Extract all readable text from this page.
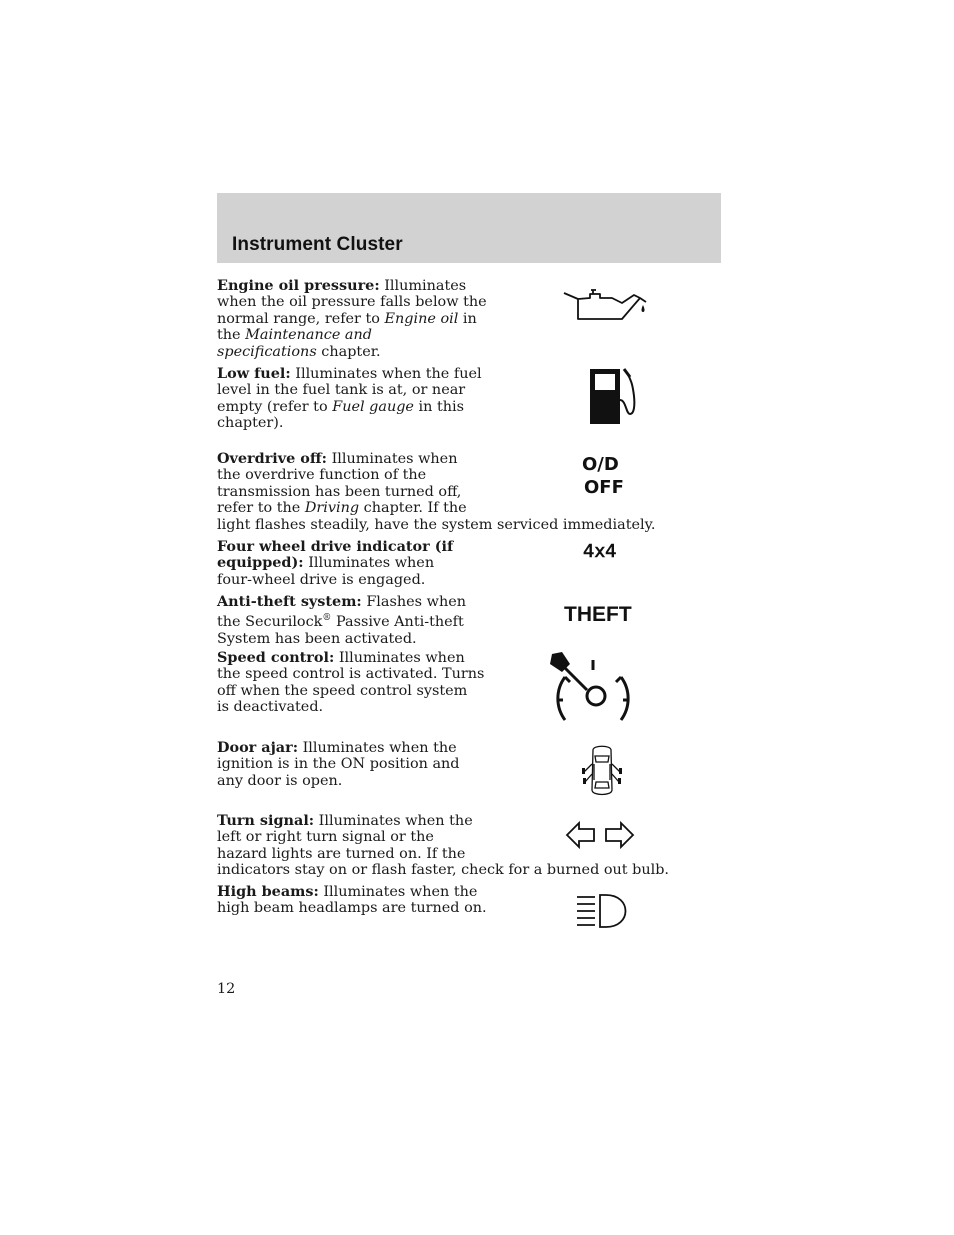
Instrument Cluster
Engine oil pressure: Illuminates
when the oil pressure falls below the
normal range, refer to Engine oil in
the Maintenance and
specifications chapter.
Low fuel: Illuminates when the fuel
level in the fuel tank is at, or near
empty (refer to Fuel gauge in this
chapter).
Overdrive off: Illuminates when
the overdrive function of the
transmission has been turned off,
refer to the Driving chapter. If the
light flashes steadily, have the system serviced immediately.
O/D
OFF
Four wheel drive indicator (if
equipped): Illuminates when
four-wheel drive is engaged.
4x4
Anti-theft system: Flashes when
the Securilock® Passive Anti-theft
System has been activated.
THEFT
Speed control: Illuminates when
the speed control is activated. Turns
off when the speed control system
is deactivated.
Door ajar: Illuminates when the
ignition is in the ON position and
any door is open.
Turn signal: Illuminates when the
left or right turn signal or the
hazard lights are turned on. If the
indicators stay on or flash faster, check for a burned out bulb.
High beams: Illuminates when the
high beam headlamps are turned on.
12
